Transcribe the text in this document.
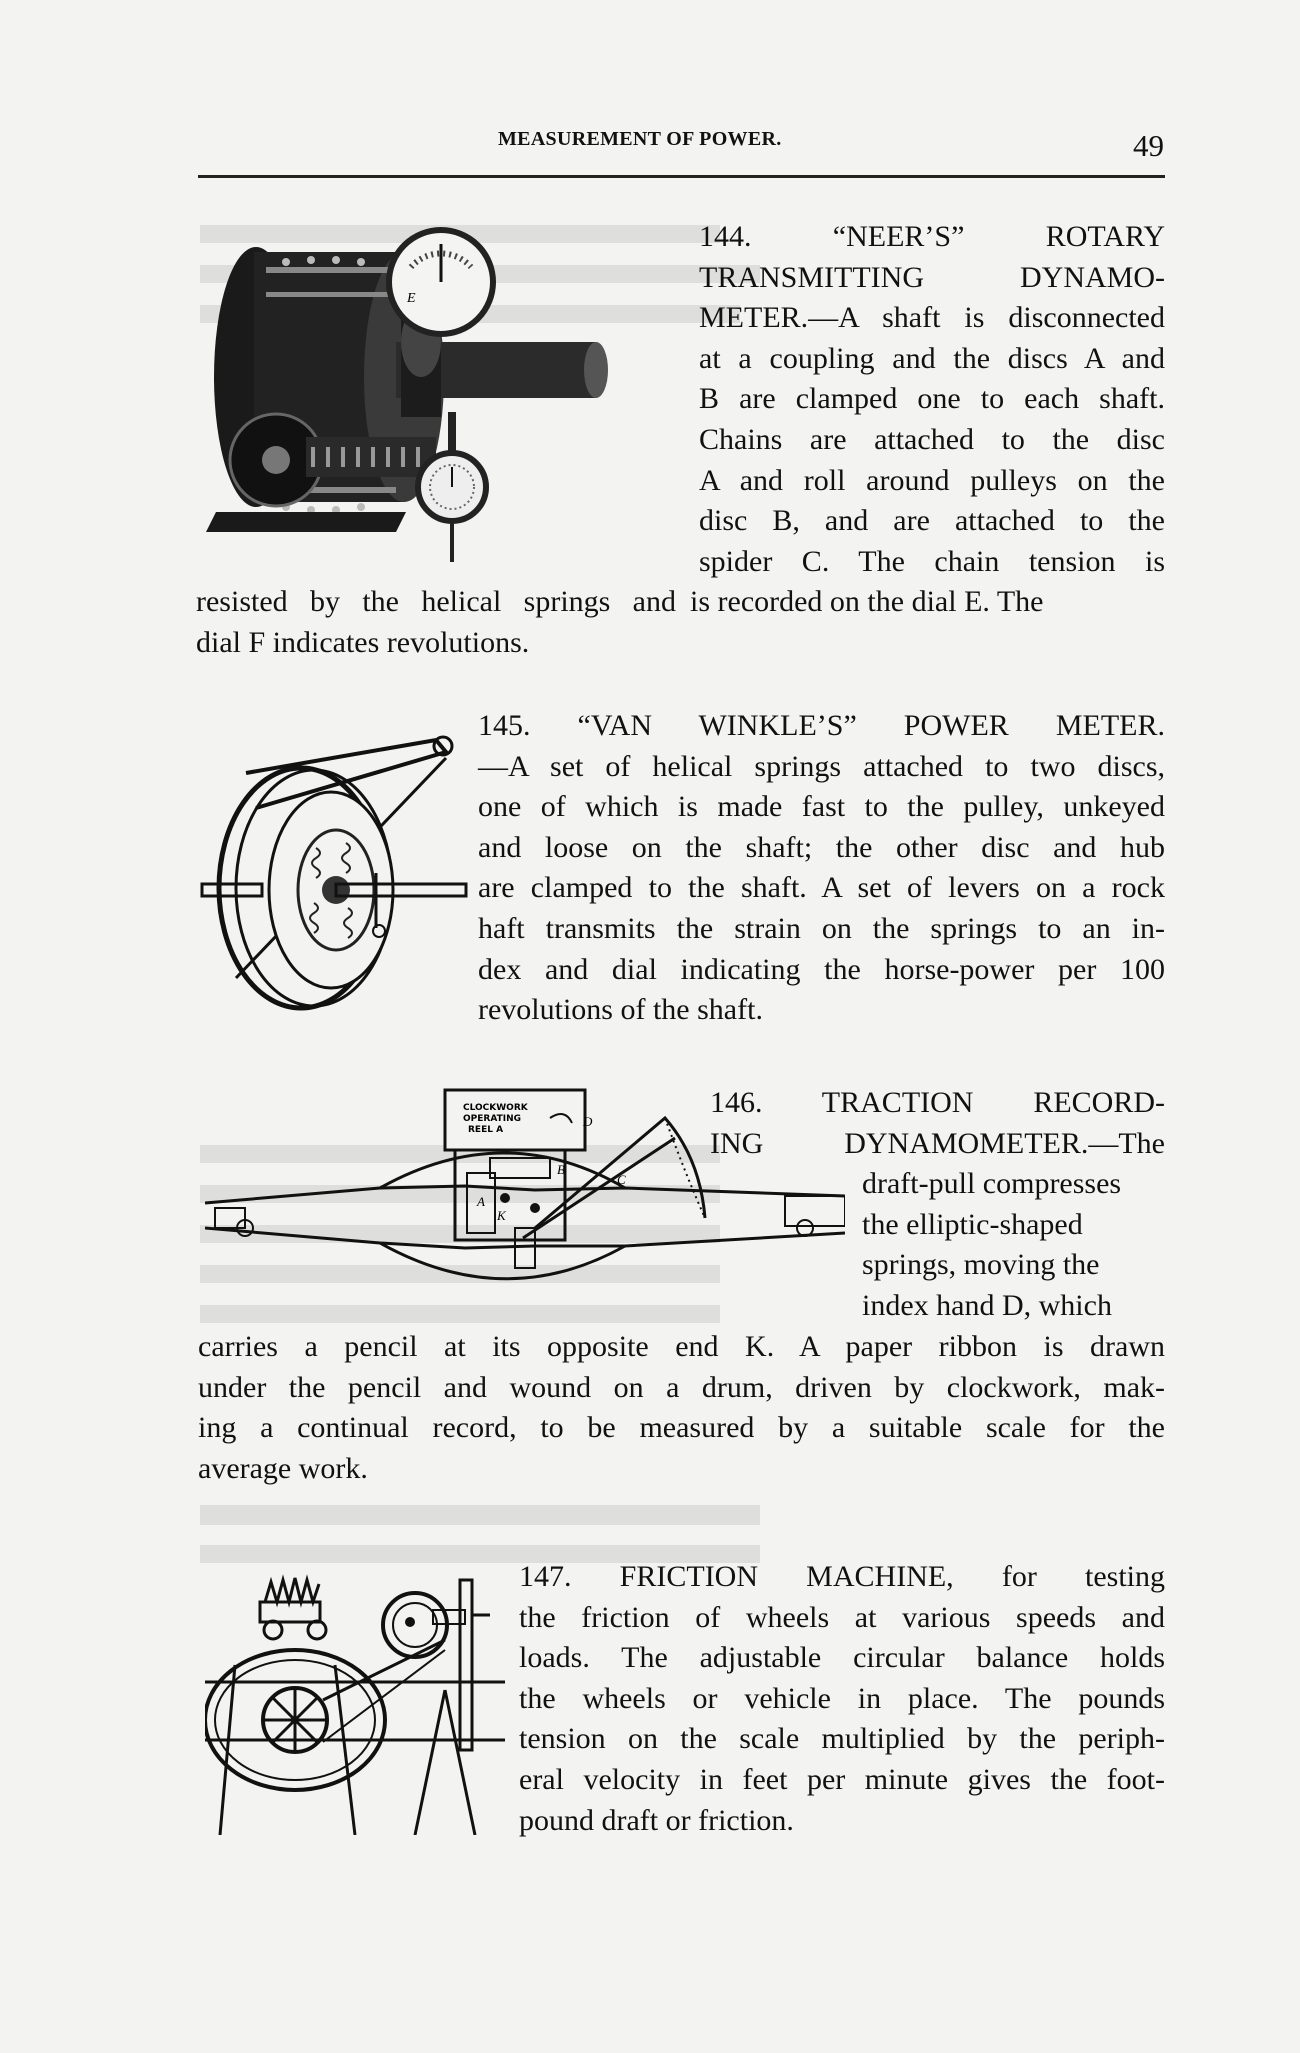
MEASUREMENT OF POWER.	49
E
144. “NEER’S” ROTARY
TRANSMITTING DYNAMO-
METER.—A shaft is disconnected
at a coupling and the discs A and
B are clamped one to each shaft.
Chains are attached to the disc
A and roll around pulleys on the
disc B, and are attached to the
spider C. The chain tension is
resisted by the helical springs and is recorded on the dial E. The
dial F indicates revolutions.
145. “VAN WINKLE’S” POWER METER.
—A set of helical springs attached to two discs,
one of which is made fast to the pulley, unkeyed
and loose on the shaft; the other disc and hub
are clamped to the shaft. A set of levers on a rock
haft transmits the strain on the springs to an in-
dex and dial indicating the horse-power per 100
revolutions of the shaft.
CLOCKWORK
OPERATING
REEL A
D
K
C
A
B
146. TRACTION RECORD-
ING DYNAMOMETER.—The
draft-pull compresses
the elliptic-shaped
springs, moving the
index hand D, which
carries a pencil at its opposite end K. A paper ribbon is drawn
under the pencil and wound on a drum, driven by clockwork, mak-
ing a continual record, to be measured by a suitable scale for the
average work.
147. FRICTION MACHINE, for testing
the friction of wheels at various speeds and
loads. The adjustable circular balance holds
the wheels or vehicle in place. The pounds
tension on the scale multiplied by the periph-
eral velocity in feet per minute gives the foot-
pound draft or friction.
